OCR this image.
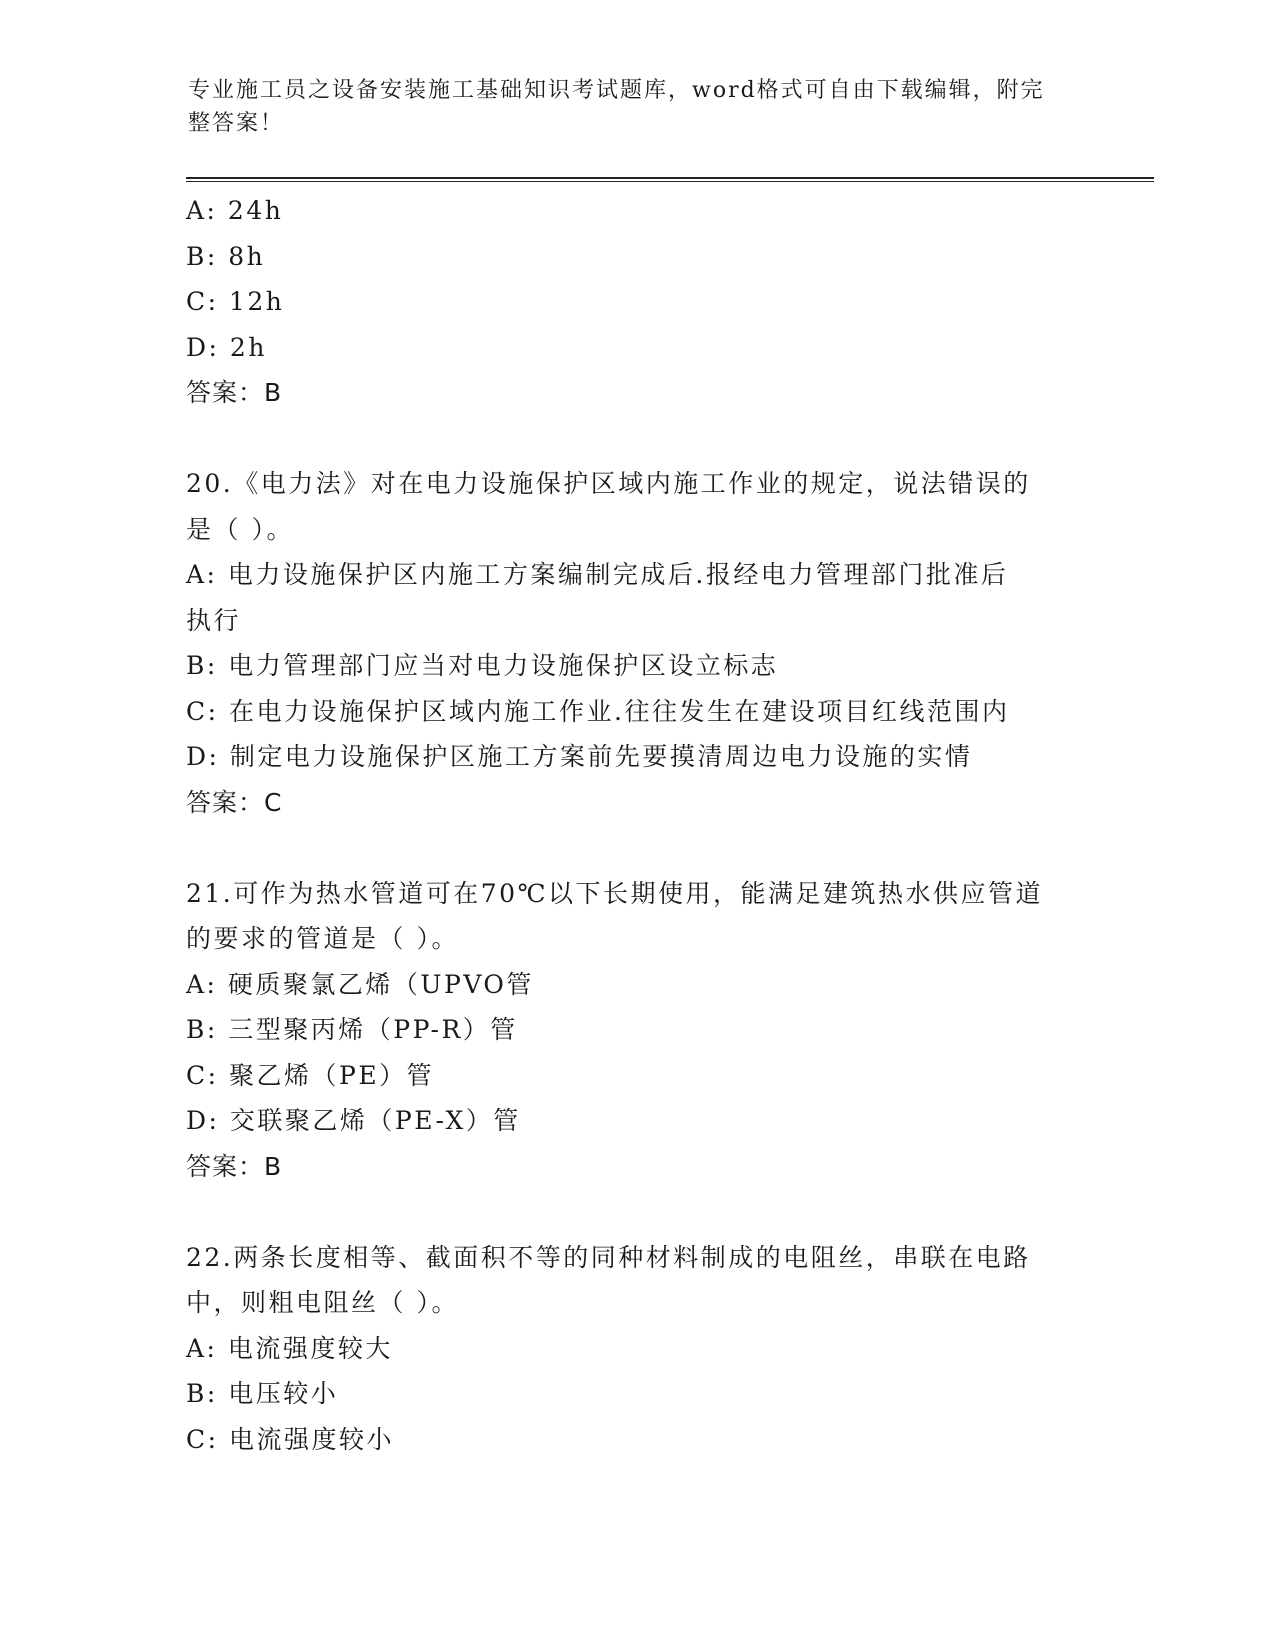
专业施工员之设备安装施工基础知识考试题库，word格式可自由下载编辑，附完
整答案！
A: 24h
B: 8h
C: 12h
D: 2h
答案：B
20.《电力法》对在电力设施保护区域内施工作业的规定，说法错误的
是（ ）。
A: 电力设施保护区内施工方案编制完成后.报经电力管理部门批准后
执行
B: 电力管理部门应当对电力设施保护区设立标志
C: 在电力设施保护区域内施工作业.往往发生在建设项目红线范围内
D: 制定电力设施保护区施工方案前先要摸清周边电力设施的实情
答案：C
21.可作为热水管道可在70℃以下长期使用，能满足建筑热水供应管道
的要求的管道是（ ）。
A: 硬质聚氯乙烯（UPVO管
B: 三型聚丙烯（PP-R）管
C: 聚乙烯（PE）管
D: 交联聚乙烯（PE-X）管
答案：B
22.两条长度相等、截面积不等的同种材料制成的电阻丝，串联在电路
中，则粗电阻丝（ ）。
A: 电流强度较大
B: 电压较小
C: 电流强度较小
